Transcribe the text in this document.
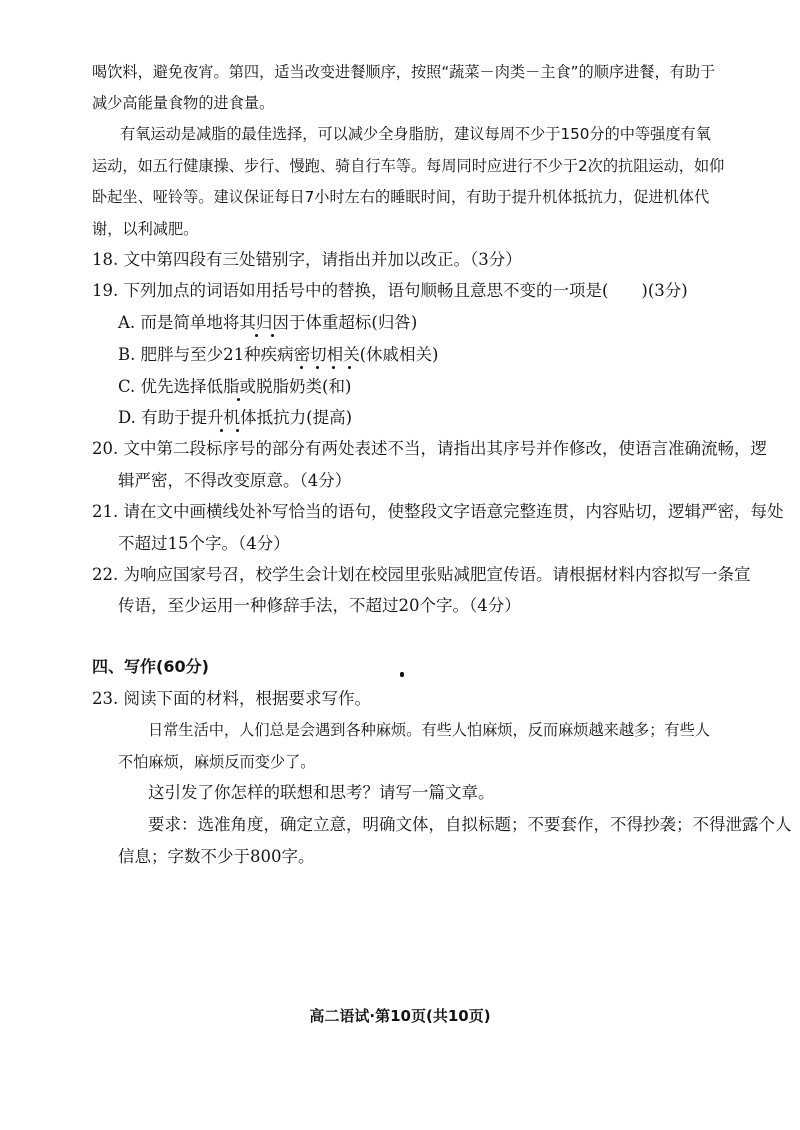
喝饮料，避免夜宵。第四，适当改变进餐顺序，按照“蔬菜－肉类－主食”的顺序进餐，有助于
减少高能量食物的进食量。
有氧运动是减脂的最佳选择，可以减少全身脂肪，建议每周不少于150分的中等强度有氧
运动，如五行健康操、步行、慢跑、骑自行车等。每周同时应进行不少于2次的抗阻运动，如仰
卧起坐、哑铃等。建议保证每日7小时左右的睡眠时间，有助于提升机体抵抗力，促进机体代
谢，以利减肥。
18. 文中第四段有三处错别字，请指出并加以改正。（3分）
19. 下列加点的词语如用括号中的替换，语句顺畅且意思不变的一项是(　　)(3分)
A. 而是简单地将其归因于体重超标(归咎)
B. 肥胖与至少21种疾病密切相关(休戚相关)
C. 优先选择低脂或脱脂奶类(和)
D. 有助于提升机体抵抗力(提高)
20. 文中第二段标序号的部分有两处表述不当，请指出其序号并作修改，使语言准确流畅，逻
辑严密，不得改变原意。（4分）
21. 请在文中画横线处补写恰当的语句，使整段文字语意完整连贯，内容贴切，逻辑严密，每处
不超过15个字。（4分）
22. 为响应国家号召，校学生会计划在校园里张贴减肥宣传语。请根据材料内容拟写一条宣
传语，至少运用一种修辞手法，不超过20个字。（4分）
四、写作(60分)
23. 阅读下面的材料，根据要求写作。
日常生活中，人们总是会遇到各种麻烦。有些人怕麻烦，反而麻烦越来越多；有些人
不怕麻烦，麻烦反而变少了。
这引发了你怎样的联想和思考？请写一篇文章。
要求：选准角度，确定立意，明确文体，自拟标题；不要套作，不得抄袭；不得泄露个人
信息；字数不少于800字。
高二语试·第10页(共10页)
